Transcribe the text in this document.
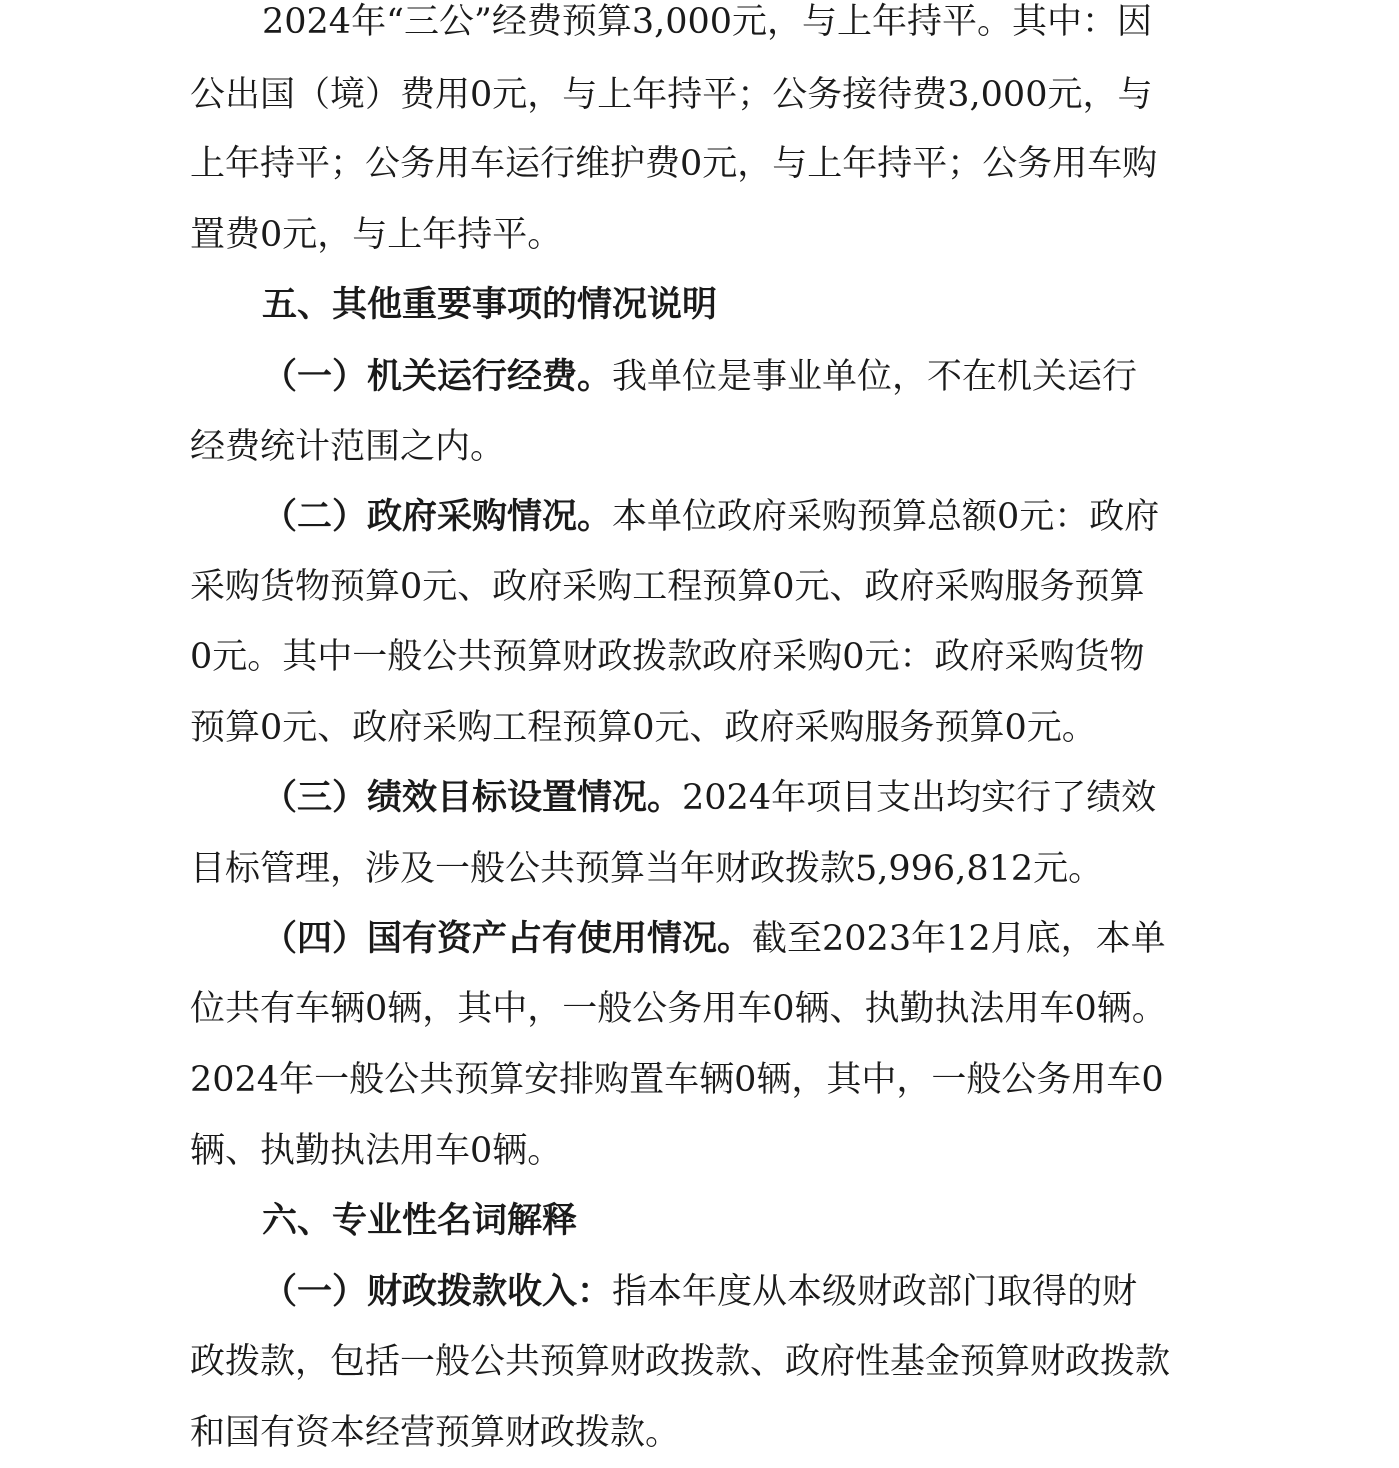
2024年“三公”经费预算3,000元，与上年持平。其中：因
公出国（境）费用0元，与上年持平；公务接待费3,000元，与
上年持平；公务用车运行维护费0元，与上年持平；公务用车购
置费0元，与上年持平。
五、其他重要事项的情况说明
（一）机关运行经费。我单位是事业单位，不在机关运行
经费统计范围之内。
（二）政府采购情况。本单位政府采购预算总额0元：政府
采购货物预算0元、政府采购工程预算0元、政府采购服务预算
0元。其中一般公共预算财政拨款政府采购0元：政府采购货物
预算0元、政府采购工程预算0元、政府采购服务预算0元。
（三）绩效目标设置情况。2024年项目支出均实行了绩效
目标管理，涉及一般公共预算当年财政拨款5,996,812元。
（四）国有资产占有使用情况。截至2023年12月底，本单
位共有车辆0辆，其中，一般公务用车0辆、执勤执法用车0辆。
2024年一般公共预算安排购置车辆0辆，其中，一般公务用车0
辆、执勤执法用车0辆。
六、专业性名词解释
（一）财政拨款收入：指本年度从本级财政部门取得的财
政拨款，包括一般公共预算财政拨款、政府性基金预算财政拨款
和国有资本经营预算财政拨款。
